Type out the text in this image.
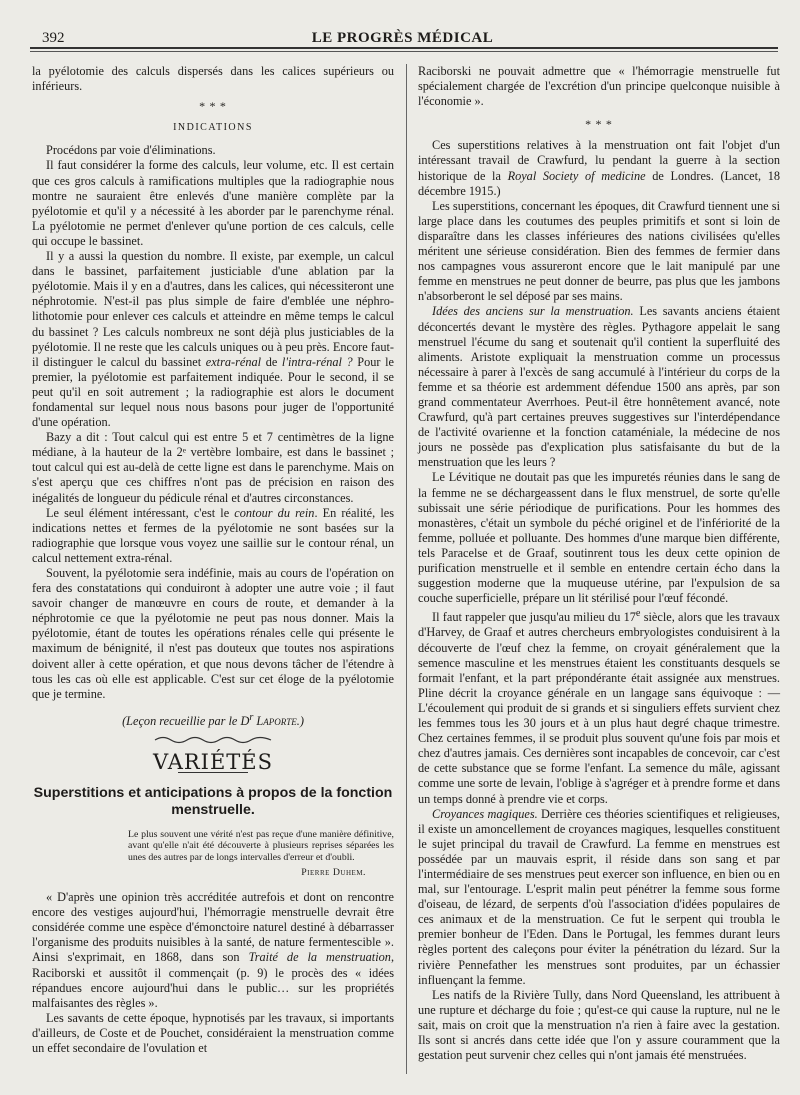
392	LE PROGRÈS MÉDICAL

la pyélotomie des calculs dispersés dans les calices supérieurs ou inférieurs.

* * *
INDICATIONS

Procédons par voie d'éliminations.

Il faut considérer la forme des calculs, leur volume, etc. Il est certain que ces gros calculs à ramifications multiples que la radiographie nous montre ne sauraient être enlevés d'une manière complète par la pyélotomie et qu'il y a nécessité à les aborder par le parenchyme rénal. La pyélotomie ne permet d'enlever qu'une portion de ces calculs, celle qui occupe le bassinet.

Il y a aussi la question du nombre. Il existe, par exemple, un calcul dans le bassinet, parfaitement justiciable d'une ablation par la pyélotomie. Mais il y en a d'autres, dans les calices, qui nécessiteront une néphrotomie. N'est-il pas plus simple de faire d'emblée une néphro-lithotomie pour enlever ces calculs et atteindre en même temps le calcul du bassinet ? Les calculs nombreux ne sont déjà plus justiciables de la pyélotomie. Il ne reste que les calculs uniques ou à peu près. Encore faut-il distinguer le calcul du bassinet extra-rénal de l'intra-rénal ? Pour le premier, la pyélotomie est parfaitement indiquée. Pour le second, il se peut qu'il en soit autrement ; la radiographie est alors le document fondamental sur lequel nous nous basons pour juger de l'opportunité d'une opération.

Bazy a dit : Tout calcul qui est entre 5 et 7 centimètres de la ligne médiane, à la hauteur de la 2ᵉ vertèbre lombaire, est dans le bassinet ; tout calcul qui est au-delà de cette ligne est dans le parenchyme. Mais on s'est aperçu que ces chiffres n'ont pas de précision en raison des inégalités de longueur du pédicule rénal et d'autres circonstances.

Le seul élément intéressant, c'est le contour du rein. En réalité, les indications nettes et fermes de la pyélotomie ne sont basées sur la radiographie que lorsque vous voyez une saillie sur le contour rénal, un calcul nettement extra-rénal.

Souvent, la pyélotomie sera indéfinie, mais au cours de l'opération on fera des constatations qui conduiront à adopter une autre voie ; il faut savoir changer de manœuvre en cours de route, et demander à la néphrotomie ce que la pyélotomie ne peut pas nous donner. Mais la pyélotomie, étant de toutes les opérations rénales celle qui présente le maximum de bénignité, il n'est pas douteux que toutes nos aspirations doivent aller à cette opération, et que nous devons tâcher de l'étendre à tous les cas où elle est applicable. C'est sur cet éloge de la pyélotomie que je termine.

(Leçon recueillie par le $D^r$ Laporte.)
VARIÉTÉS
Superstitions et anticipations à propos de la fonction menstruelle.
Le plus souvent une vérité n'est pas reçue d'une manière définitive, avant qu'elle n'ait été découverte à plusieurs reprises séparées les unes des autres par de longs intervalles d'erreur et d'oubli.
Pierre Duhem.

« D'après une opinion très accréditée autrefois et dont on rencontre encore des vestiges aujourd'hui, l'hémorragie menstruelle devrait être considérée comme une espèce d'émonctoire naturel destiné à débarrasser l'organisme des produits nuisibles à la santé, de nature fermentescible ». Ainsi s'exprimait, en 1868, dans son Traité de la menstruation, Raciborski et aussitôt il commençait (p. 9) le procès des « idées répandues encore aujourd'hui dans le public… sur les propriétés malfaisantes des règles ».

Les savants de cette époque, hypnotisés par les travaux, si importants d'ailleurs, de Coste et de Pouchet, considéraient la menstruation comme un effet secondaire de l'ovulation et

Raciborski ne pouvait admettre que « l'hémorragie menstruelle fut spécialement chargée de l'excrétion d'un principe quelconque nuisible à l'économie ».

* * *

Ces superstitions relatives à la menstruation ont fait l'objet d'un intéressant travail de Crawfurd, lu pendant la guerre à la section historique de la Royal Society of medicine de Londres. (Lancet, 18 décembre 1915.)

Les superstitions, concernant les époques, dit Crawfurd tiennent une si large place dans les coutumes des peuples primitifs et sont si loin de disparaître dans les classes inférieures des nations civilisées qu'elles méritent une sérieuse considération. Bien des femmes de fermier dans nos campagnes vous assureront encore que le lait manipulé par une femme en menstrues ne peut donner de beurre, pas plus que les jambons n'absorberont le sel déposé par ses mains.

Idées des anciens sur la menstruation. Les savants anciens étaient déconcertés devant le mystère des règles. Pythagore appelait le sang menstruel l'écume du sang et soutenait qu'il contient la superfluité des aliments. Aristote expliquait la menstruation comme un processus nécessaire à parer à l'excès de sang accumulé à l'intérieur du corps de la femme et sa théorie est ardemment défendue 1500 ans après, par son grand commentateur Averrhoes. Peut-il être honnêtement avancé, note Crawfurd, qu'à part certaines preuves suggestives sur l'interdépendance de l'activité ovarienne et la fonction cataméniale, la médecine de nos jours ne possède pas d'explication plus satisfaisante du but de la menstruation que les leurs ?

Le Lévitique ne doutait pas que les impuretés réunies dans le sang de la femme ne se déchargeassent dans le flux menstruel, de sorte qu'elle subissait une série périodique de purifications. Pour les hommes des monastères, c'était un symbole du péché originel et de l'infériorité de la femme, polluée et polluante. Des hommes d'une marque bien différente, tels Paracelse et de Graaf, soutinrent tous les deux cette opinion de purification menstruelle et il semble en entendre certain écho dans la suggestion moderne que la muqueuse utérine, par l'expulsion de sa couche superficielle, prépare un lit stérilisé pour l'œuf fécondé.

Il faut rappeler que jusqu'au milieu du 17e siècle, alors que les travaux d'Harvey, de Graaf et autres chercheurs embryologistes conduisirent à la découverte de l'œuf chez la femme, on croyait généralement que la semence masculine et les menstrues étaient les constituants desquels se formait l'enfant, et la part prépondérante était assignée aux menstrues. Pline décrit la croyance générale en un langage sans équivoque : — L'écoulement qui produit de si grands et si singuliers effets survient chez les femmes tous les 30 jours et à un plus haut degré chaque trimestre. Chez certaines femmes, il se produit plus souvent qu'une fois par mois et chez d'autres jamais. Ces dernières sont incapables de concevoir, car c'est de cette substance que se forme l'enfant. La semence du mâle, agissant comme une sorte de levain, l'oblige à s'agréger et à prendre forme et dans un temps donné à prendre vie et corps.

Croyances magiques. Derrière ces théories scientifiques et religieuses, il existe un amoncellement de croyances magiques, lesquelles constituent le sujet principal du travail de Crawfurd. La femme en menstrues est possédée par un mauvais esprit, il réside dans son sang et par l'intermédiaire de ses menstrues peut exercer son influence, en bien ou en mal, sur l'entourage. L'esprit malin peut pénétrer la femme sous forme d'oiseau, de lézard, de serpents d'où l'association d'idées populaires de ces animaux et de la menstruation. Ce fut le serpent qui troubla le premier bonheur de l'Eden. Dans le Portugal, les femmes durant leurs règles portent des caleçons pour éviter la pénétration du lézard. Sur la rivière Pennefather les menstrues sont produites, par un échassier influençant la femme.

Les natifs de la Rivière Tully, dans Nord Queensland, les attribuent à une rupture et décharge du foie ; qu'est-ce qui cause la rupture, nul ne le sait, mais on croit que la menstruation n'a rien à faire avec la gestation. Ils sont si ancrés dans cette idée que l'on y assure couramment que la gestation peut survenir chez celles qui n'ont jamais été menstruées.
